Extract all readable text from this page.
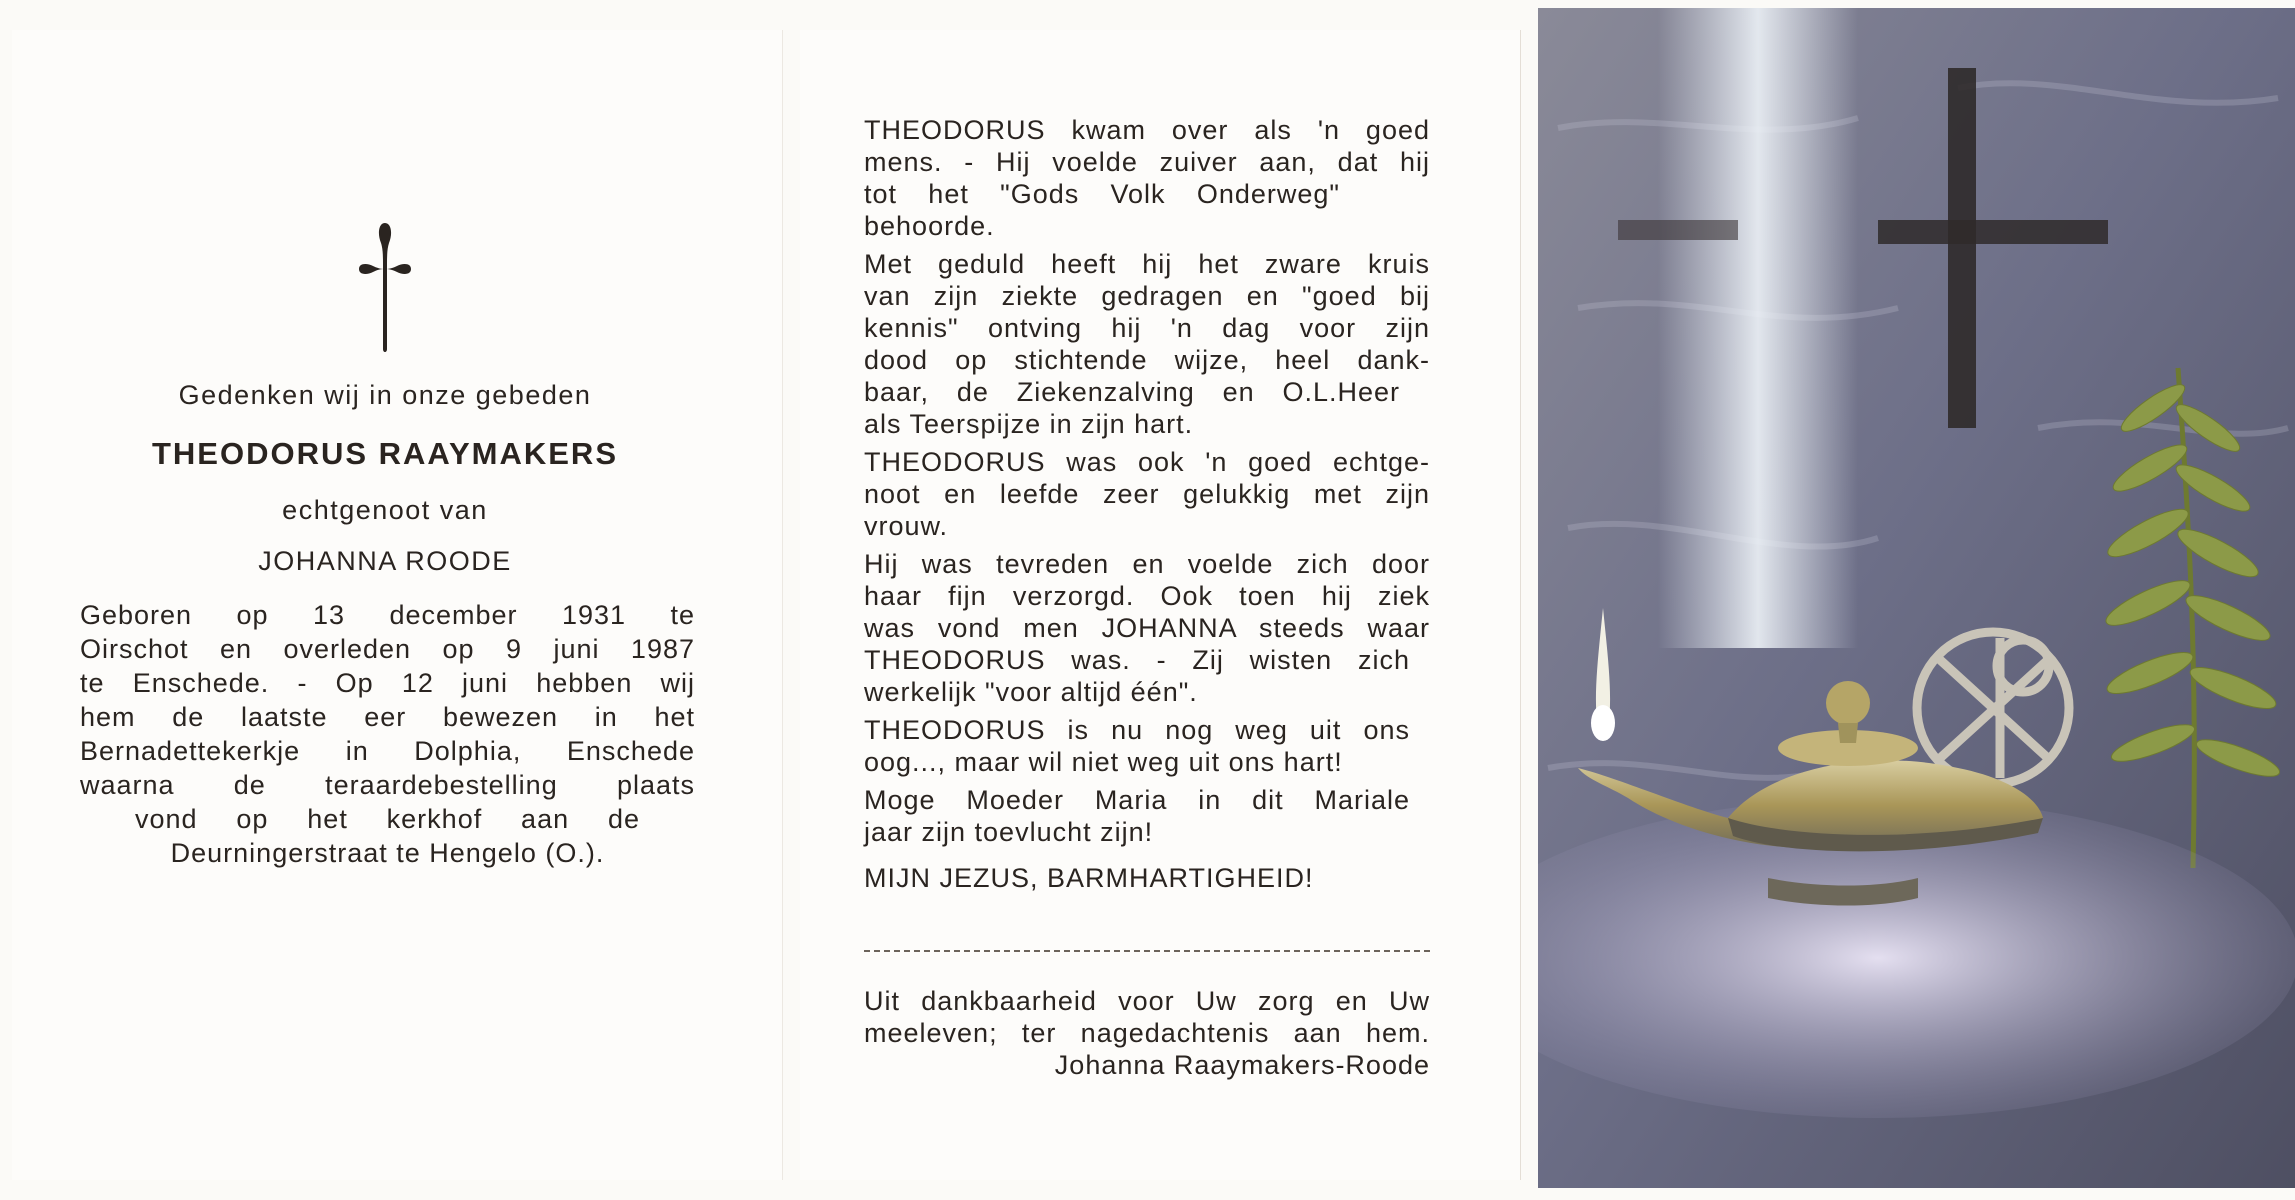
Gedenken wij in onze gebeden
THEODORUS RAAYMAKERS
echtgenoot van
JOHANNA ROODE
Geboren op 13 december 1931 te
Oirschot en overleden op 9 juni 1987
te Enschede. - Op 12 juni hebben wij
hem de laatste eer bewezen in het
Bernadettekerkje in Dolphia, Enschede
waarna de teraardebestelling plaats
vond op het kerkhof aan de
Deurningerstraat te Hengelo (O.).
THEODORUS kwam over als 'n goed
mens. - Hij voelde zuiver aan, dat hij
tot het "Gods Volk Onderweg"
behoorde.
Met geduld heeft hij het zware kruis
van zijn ziekte gedragen en "goed bij
kennis" ontving hij 'n dag voor zijn
dood op stichtende wijze, heel dank-
baar, de Ziekenzalving en O.L.Heer
als Teerspijze in zijn hart.
THEODORUS was ook 'n goed echtge-
noot en leefde zeer gelukkig met zijn
vrouw.
Hij was tevreden en voelde zich door
haar fijn verzorgd. Ook toen hij ziek
was vond men JOHANNA steeds waar
THEODORUS was. - Zij wisten zich
werkelijk "voor altijd één".
THEODORUS is nu nog weg uit ons
oog..., maar wil niet weg uit ons hart!
Moge Moeder Maria in dit Mariale
jaar zijn toevlucht zijn!
MIJN JEZUS, BARMHARTIGHEID!
Uit dankbaarheid voor Uw zorg en Uw
meeleven; ter nagedachtenis aan hem.
Johanna Raaymakers-Roode
